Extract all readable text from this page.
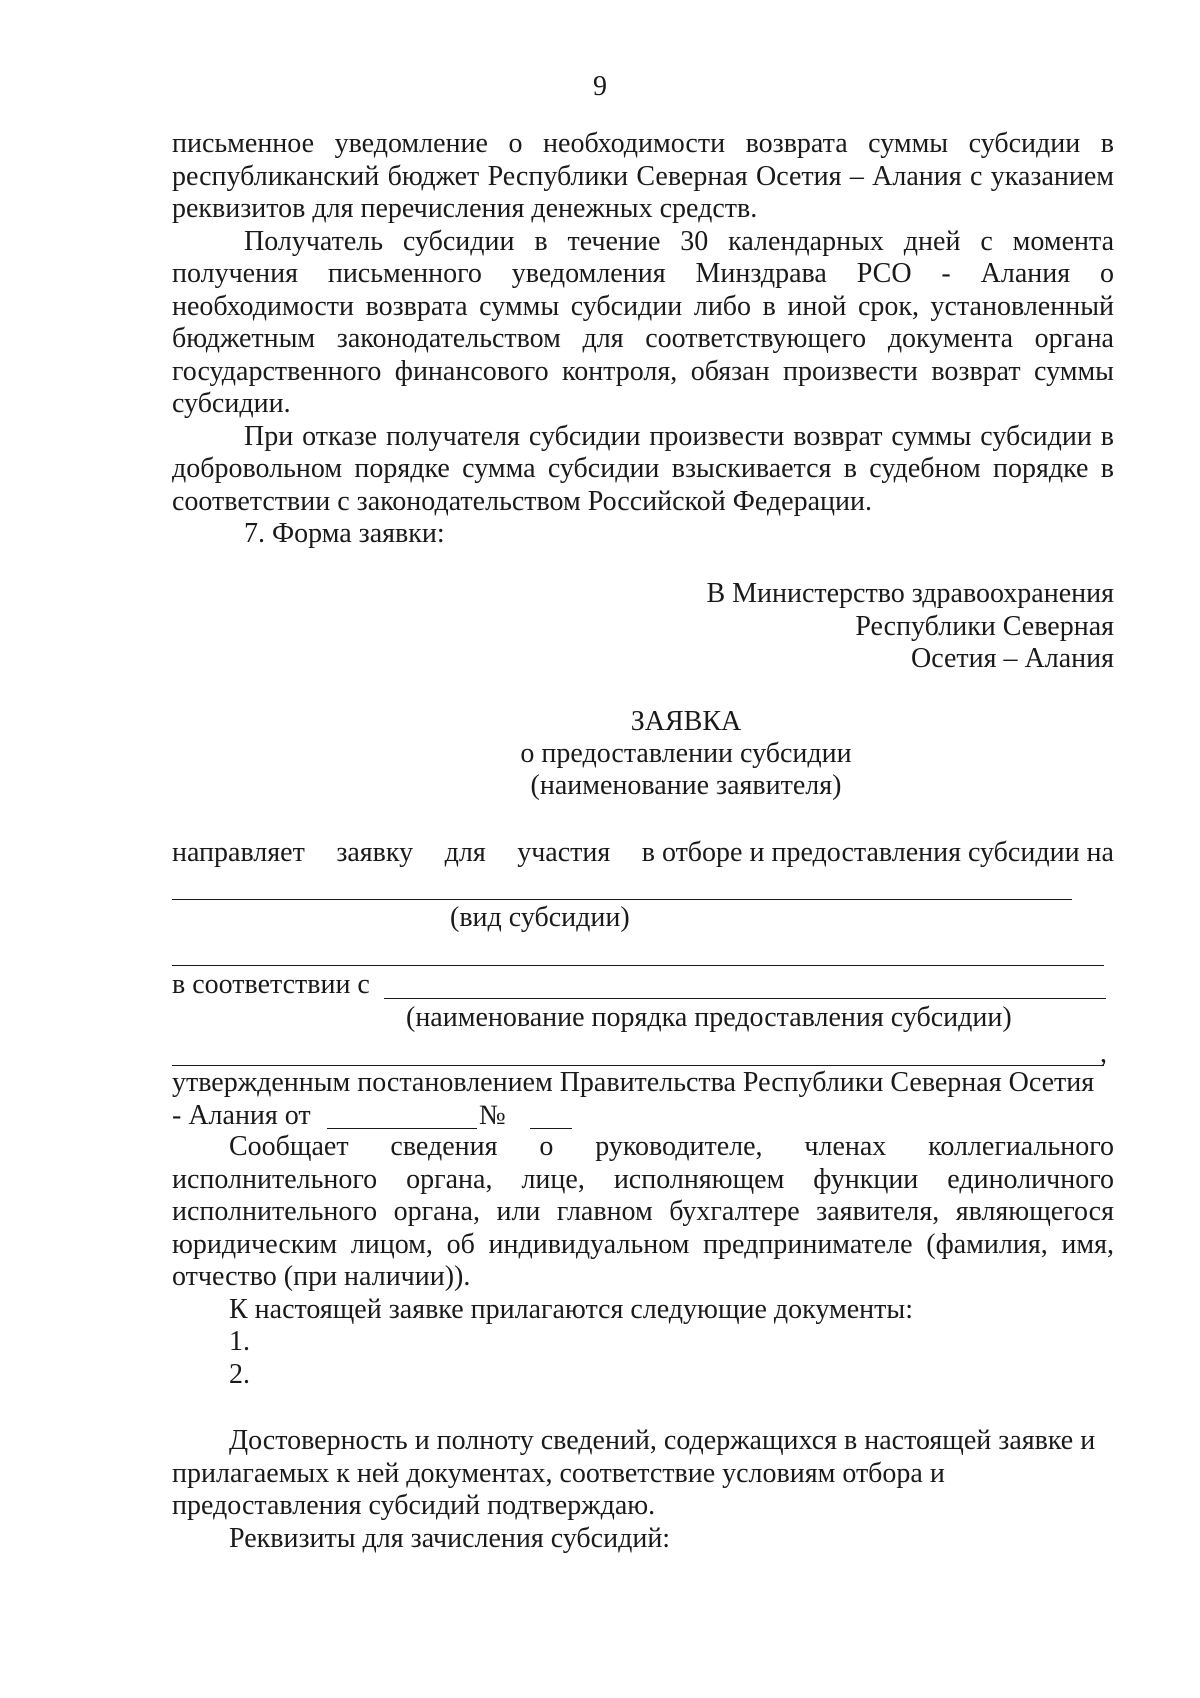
9

письменное уведомление о необходимости возврата суммы субсидии в республиканский бюджет Республики Северная Осетия – Алания с указанием реквизитов для перечисления денежных средств.

Получатель субсидии в течение 30 календарных дней с момента получения письменного уведомления Минздрава РСО - Алания о необходимости возврата суммы субсидии либо в иной срок, установленный бюджетным законодательством для соответствующего документа органа государственного финансового контроля, обязан произвести возврат суммы субсидии.

При отказе получателя субсидии произвести возврат суммы субсидии в добровольном порядке сумма субсидии взыскивается в судебном порядке в соответствии с законодательством Российской Федерации.

7. Форма заявки:

В Министерство здравоохранения
Республики Северная
Осетия – Алания
ЗАЯВКА
о предоставлении субсидии
(наименование заявителя)
направляет заявку для участия в отборе и предоставления субсидии на
(вид субсидии)
в соответствии с
(наименование порядка предоставления субсидии)
,
утвержденным постановлением Правительства Республики Северная Осетия
- Алания от	№

Сообщает сведения о руководителе, членах коллегиального исполнительного органа, лице, исполняющем функции единоличного исполнительного органа, или главном бухгалтере заявителя, являющегося юридическим лицом, об индивидуальном предпринимателе (фамилия, имя, отчество (при наличии)).

К настоящей заявке прилагаются следующие документы:

1.

2.

Достоверность и полноту сведений, содержащихся в настоящей заявке и прилагаемых к ней документах, соответствие условиям отбора и предоставления субсидий подтверждаю.

Реквизиты для зачисления субсидий:
